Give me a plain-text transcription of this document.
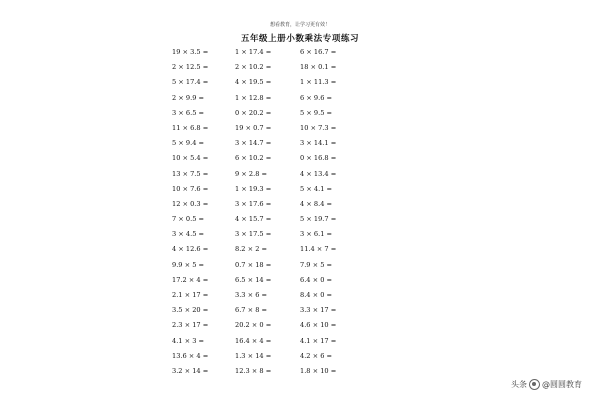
想看教育，让学习更有效！
五年级上册小数乘法专项练习
19 × 3.5 =	1 × 17.4 =	6 × 16.7 =
2 × 12.5 =	2 × 10.2 =	18 × 0.1 =
5 × 17.4 =	4 × 19.5 =	1 × 11.3 =
2 × 9.9 =	1 × 12.8 =	6 × 9.6 =
3 × 6.5 =	0 × 20.2 =	5 × 9.5 =
11 × 6.8 =	19 × 0.7 =	10 × 7.3 =
5 × 9.4 =	3 × 14.7 =	3 × 14.1 =
10 × 5.4 =	6 × 10.2 =	0 × 16.8 =
13 × 7.5 =	9 × 2.8 =	4 × 13.4 =
10 × 7.6 =	1 × 19.3 =	5 × 4.1 =
12 × 0.3 =	3 × 17.6 =	4 × 8.4 =
7 × 0.5 =	4 × 15.7 =	5 × 19.7 =
3 × 4.5 =	3 × 17.5 =	3 × 6.1 =
4 × 12.6 =	8.2 × 2 =	11.4 × 7 =
9.9 × 5 =	0.7 × 18 =	7.9 × 5 =
17.2 × 4 =	6.5 × 14 =	6.4 × 0 =
2.1 × 17 =	3.3 × 6 =	8.4 × 0 =
3.5 × 20 =	6.7 × 8 =	3.3 × 17 =
2.3 × 17 =	20.2 × 0 =	4.6 × 10 =
4.1 × 3 =	16.4 × 4 =	4.1 × 17 =
13.6 × 4 =	1.3 × 14 =	4.2 × 6 =
3.2 × 14 =	12.3 × 8 =	1.8 × 10 =
头条 @圆圆教育
